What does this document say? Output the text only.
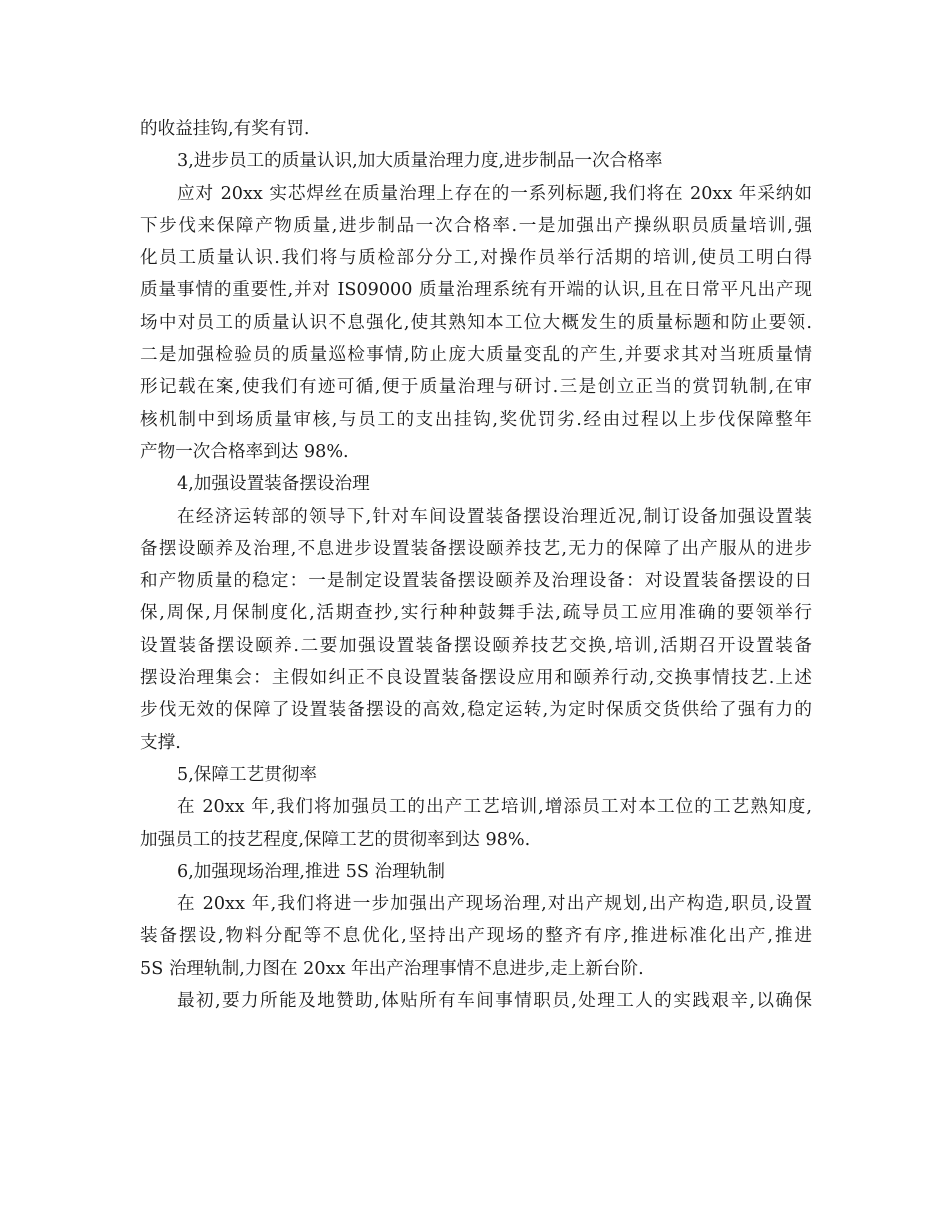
的收益挂钩,有奖有罚.
3,进步员工的质量认识,加大质量治理力度,进步制品一次合格率
应对 20xx 实芯焊丝在质量治理上存在的一系列标题,我们将在 20xx 年采纳如
下步伐来保障产物质量,进步制品一次合格率.一是加强出产操纵职员质量培训,强
化员工质量认识.我们将与质检部分分工,对操作员举行活期的培训,使员工明白得
质量事情的重要性,并对 IS09000 质量治理系统有开端的认识,且在日常平凡出产现
场中对员工的质量认识不息强化,使其熟知本工位大概发生的质量标题和防止要领.
二是加强检验员的质量巡检事情,防止庞大质量变乱的产生,并要求其对当班质量情
形记载在案,使我们有迹可循,便于质量治理与研讨.三是创立正当的赏罚轨制,在审
核机制中到场质量审核,与员工的支出挂钩,奖优罚劣.经由过程以上步伐保障整年
产物一次合格率到达 98%.
4,加强设置装备摆设治理
在经济运转部的领导下,针对车间设置装备摆设治理近况,制订设备加强设置装
备摆设颐养及治理,不息进步设置装备摆设颐养技艺,无力的保障了出产服从的进步
和产物质量的稳定：一是制定设置装备摆设颐养及治理设备：对设置装备摆设的日
保,周保,月保制度化,活期查抄,实行种种鼓舞手法,疏导员工应用准确的要领举行
设置装备摆设颐养.二要加强设置装备摆设颐养技艺交换,培训,活期召开设置装备
摆设治理集会：主假如纠正不良设置装备摆设应用和颐养行动,交换事情技艺.上述
步伐无效的保障了设置装备摆设的高效,稳定运转,为定时保质交货供给了强有力的
支撑.
5,保障工艺贯彻率
在 20xx 年,我们将加强员工的出产工艺培训,增添员工对本工位的工艺熟知度,
加强员工的技艺程度,保障工艺的贯彻率到达 98%.
6,加强现场治理,推进 5S 治理轨制
在 20xx 年,我们将进一步加强出产现场治理,对出产规划,出产构造,职员,设置
装备摆设,物料分配等不息优化,坚持出产现场的整齐有序,推进标准化出产,推进
5S 治理轨制,力图在 20xx 年出产治理事情不息进步,走上新台阶.
最初,要力所能及地赞助,体贴所有车间事情职员,处理工人的实践艰辛,以确保
